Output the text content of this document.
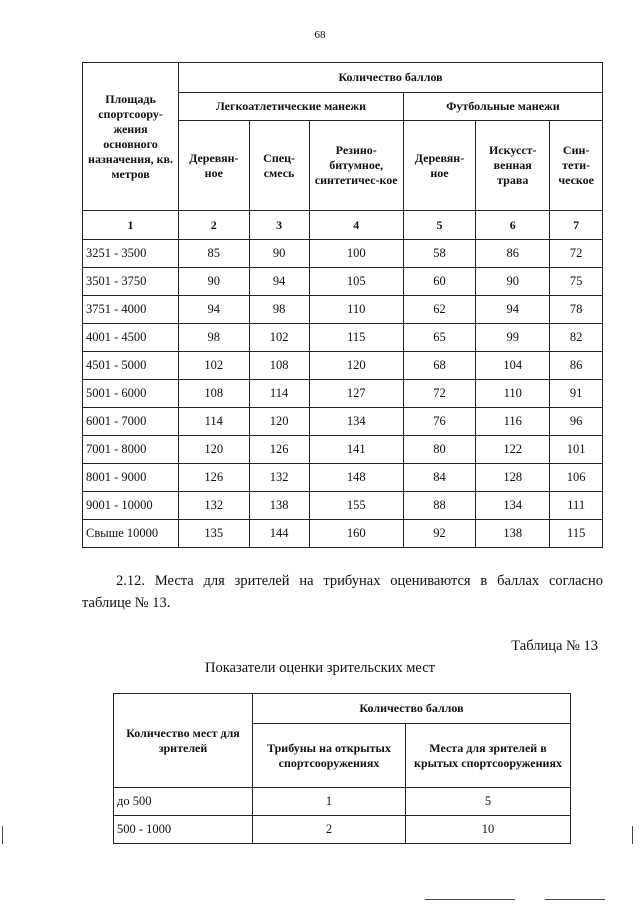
68
Площадь спортсоору-жения основного назначения, кв. метров	Количество баллов					
	Легкоатлетические манежи			Футбольные манежи		
	Деревян-ное	Спец-смесь	Резино-битумное, синтетичес-кое	Деревян-ное	Искусст-венная трава	Син-тети-ческое
1	2	3	4	5	6	7
3251 - 3500	85	90	100	58	86	72
3501 - 3750	90	94	105	60	90	75
3751 - 4000	94	98	110	62	94	78
4001 - 4500	98	102	115	65	99	82
4501 - 5000	102	108	120	68	104	86
5001 - 6000	108	114	127	72	110	91
6001 - 7000	114	120	134	76	116	96
7001 - 8000	120	126	141	80	122	101
8001 - 9000	126	132	148	84	128	106
9001 - 10000	132	138	155	88	134	111
Свыше 10000	135	144	160	92	138	115
2.12. Места для зрителей на трибунах оцениваются в баллах согласно
таблице № 13.
Таблица № 13
Показатели оценки зрительских мест
Количество мест для зрителей	Количество баллов	
	Трибуны на открытых спортсооружениях	Места для зрителей в крытых спортсооружениях
до 500	1	5
500 - 1000	2	10
